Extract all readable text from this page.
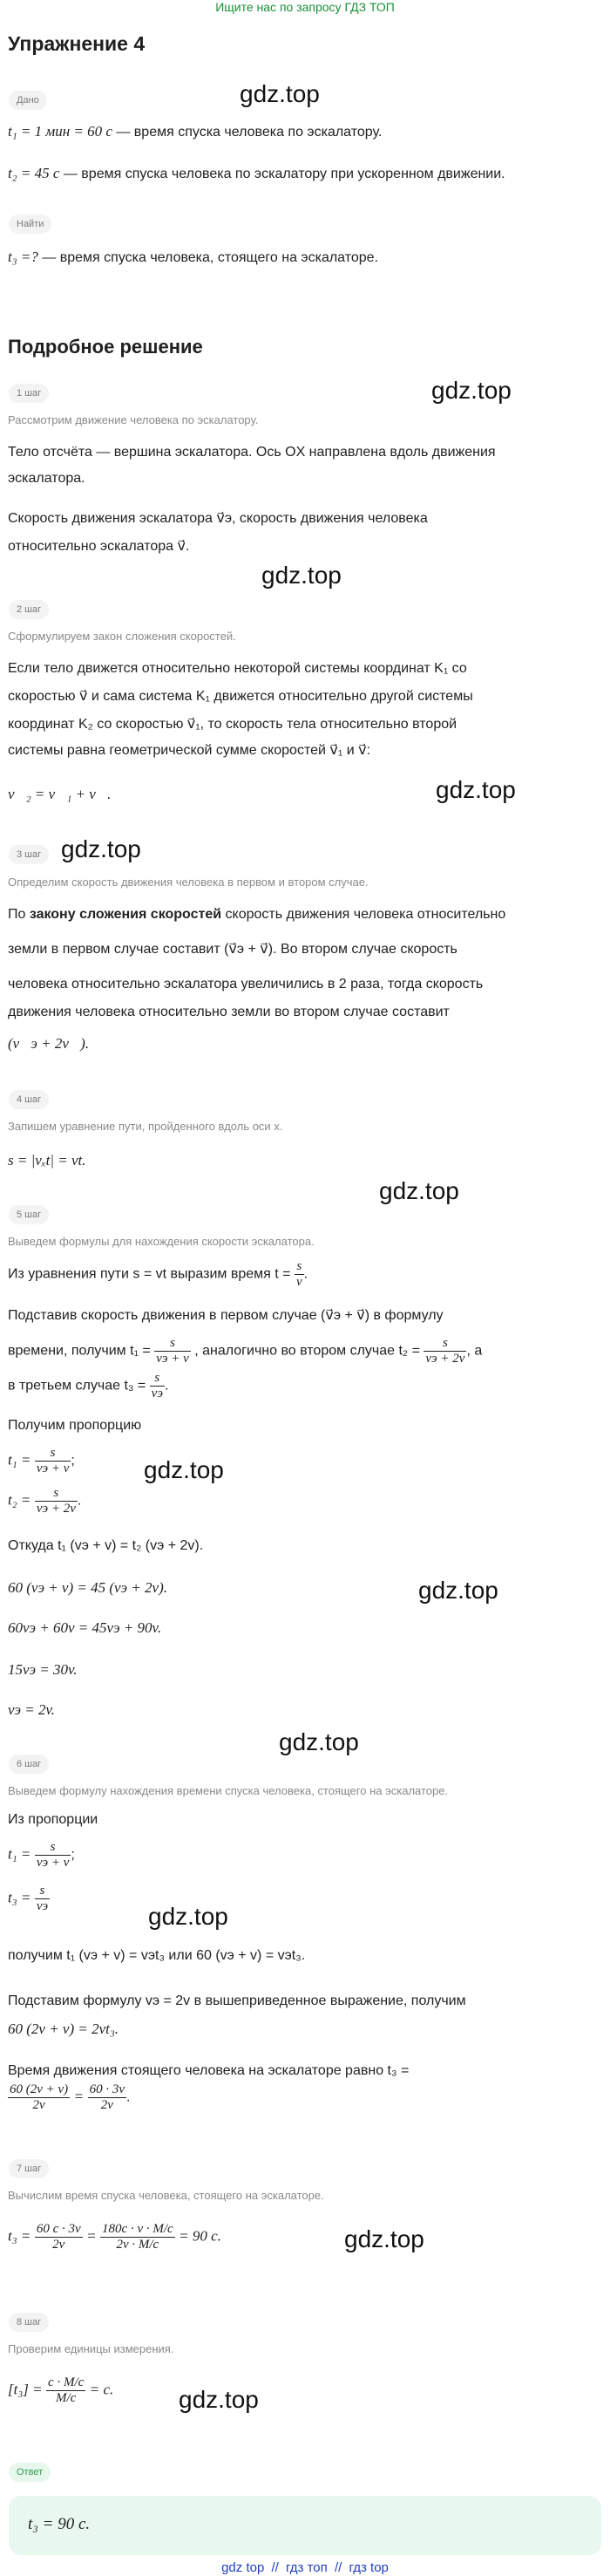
Ищите нас по запросу ГДЗ ТОП
Упражнение 4
Дано	gdz.top
t₁ = 1 мин = 60 с — время спуска человека по эскалатору.
t₂ = 45 с — время спуска человека по эскалатору при ускоренном движении.
Найти
t₃ =? — время спуска человека, стоящего на эскалаторе.
Подробное решение
1 шаг	gdz.top
Рассмотрим движение человека по эскалатору.
Тело отсчёта — вершина эскалатора. Ось OX направлена вдоль движения
эскалатора.
Скорость движения эскалатора v⃗э, скорость движения человека
относительно эскалатора v⃗.
gdz.top
2 шаг
Сформулируем закон сложения скоростей.
Если тело движется относительно некоторой системы координат K₁ со
скоростью v⃗ и сама система K₁ движется относительно другой системы
координат K₂ со скоростью v⃗₁, то скорость тела относительно второй
системы равна геометрической сумме скоростей v⃗₁ и v⃗:
v⃗₂ = v⃗₁ + v⃗.	gdz.top
3 шаг gdz.top
Определим скорость движения человека в первом и втором случае.
По закону сложения скоростей скорость движения человека относительно
земли в первом случае составит (v⃗э + v⃗). Во втором случае скорость
человека относительно эскалатора увеличились в 2 раза, тогда скорость
движения человека относительно земли во втором случае составит
(v⃗э + 2v⃗).
4 шаг
Запишем уравнение пути, пройденного вдоль оси x.
s = |vₓt| = vt.
gdz.top
5 шаг
Выведем формулы для нахождения скорости эскалатора.
Из уравнения пути s = vt выразим время $t = \frac{s}{v}$ .
Подставив скорость движения в первом случае (v⃗э + v⃗) в формулу
времени, получим $t_1 = \frac{s}{vэ + v}$ , аналогично во втором случае $t_2 = \frac{s}{vэ + 2v}$ , а
в третьем случае $t_3 = \frac{s}{vэ}$ .
Получим пропорцию
$t_1 = \frac{s}{vэ + v}$ ;	gdz.top
$t_2 = \frac{s}{vэ + 2v}$ .
Откуда t₁ (vэ + v) = t₂ (vэ + 2v).
60 (vэ + v) = 45 (vэ + 2v).	gdz.top
60vэ + 60v = 45vэ + 90v.
15vэ = 30v.
vэ = 2v.
gdz.top
6 шаг
Выведем формулу нахождения времени спуска человека, стоящего на эскалаторе.
Из пропорции
$t_1 = \frac{s}{vэ + v}$ ;
$t_3 = \frac{s}{vэ}$
gdz.top
получим t₁ (vэ + v) = vэt₃ или 60 (vэ + v) = vэt₃.
Подставим формулу vэ = 2v в вышеприведенное выражение, получим
60 (2v + v) = 2vt₃.
Время движения стоящего человека на эскалаторе равно t₃ =
$\frac{60 (2v + v)}{2v} = \frac{60 \cdot 3v}{2v}$ .
7 шаг
Вычислим время спуска человека, стоящего на эскалаторе.
$t_3 = \frac{60 с \cdot 3v}{2v} = \frac{180с \cdot v \cdot M/c}{2v \cdot M/c} = 90$ с.	gdz.top
8 шаг
Проверим единицы измерения.
$[t_3] = \frac{с \cdot M/c}{M/c} = с$.	gdz.top
Ответ
t₃ = 90 с.
gdz top // гдз топ // гдз top
